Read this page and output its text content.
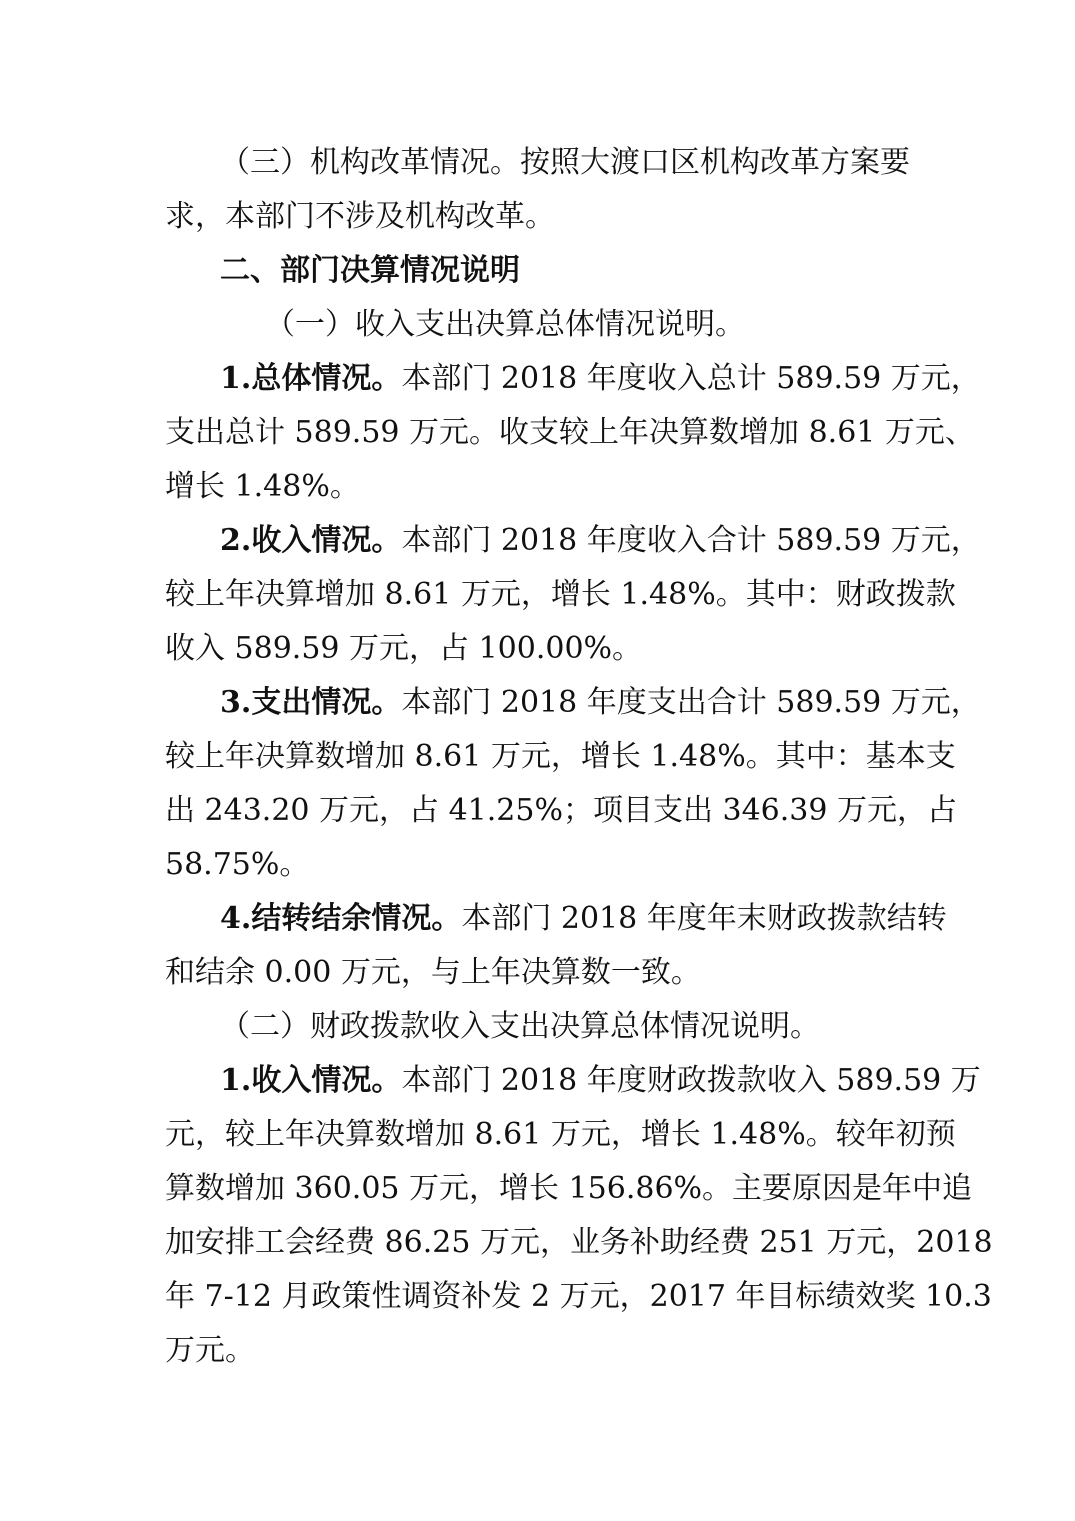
（三）机构改革情况。按照大渡口区机构改革方案要
求，本部门不涉及机构改革。
二、部门决算情况说明
（一）收入支出决算总体情况说明。
1.总体情况。本部门 2018 年度收入总计 589.59 万元，
支出总计 589.59 万元。收支较上年决算数增加 8.61 万元、
增长 1.48%。
2.收入情况。本部门 2018 年度收入合计 589.59 万元，
较上年决算增加 8.61 万元，增长 1.48%。其中：财政拨款
收入 589.59 万元，占 100.00%。
3.支出情况。本部门 2018 年度支出合计 589.59 万元，
较上年决算数增加 8.61 万元，增长 1.48%。其中：基本支
出 243.20 万元，占 41.25%；项目支出 346.39 万元，占
58.75%。
4.结转结余情况。本部门 2018 年度年末财政拨款结转
和结余 0.00 万元，与上年决算数一致。
（二）财政拨款收入支出决算总体情况说明。
1.收入情况。本部门 2018 年度财政拨款收入 589.59 万
元，较上年决算数增加 8.61 万元，增长 1.48%。较年初预
算数增加 360.05 万元，增长 156.86%。主要原因是年中追
加安排工会经费 86.25 万元，业务补助经费 251 万元，2018
年 7-12 月政策性调资补发 2 万元，2017 年目标绩效奖 10.3
万元。
